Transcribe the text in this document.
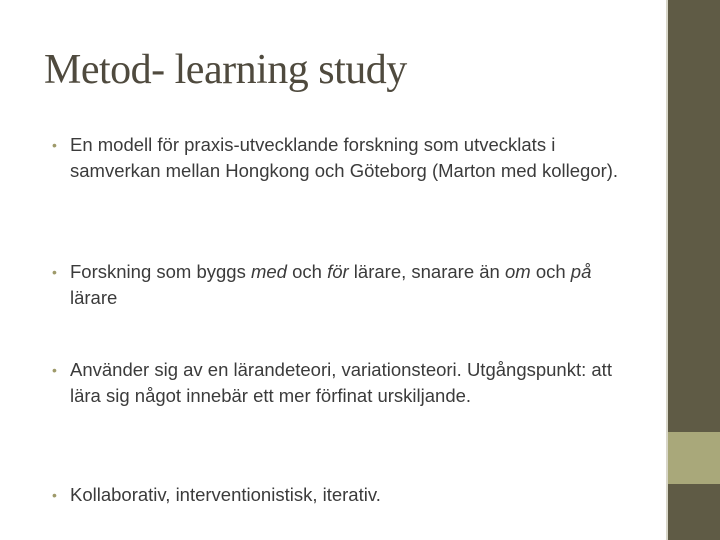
Metod- learning study
• En modell för praxis-utvecklande forskning som utvecklats i samverkan mellan Hongkong och Göteborg (Marton med kollegor).
• Forskning som byggs med och för lärare, snarare än om och på lärare
• Använder sig av en lärandeteori, variationsteori. Utgångspunkt: att lära sig något innebär ett mer förfinat urskiljande.
• Kollaborativ, interventionistisk, iterativ.
